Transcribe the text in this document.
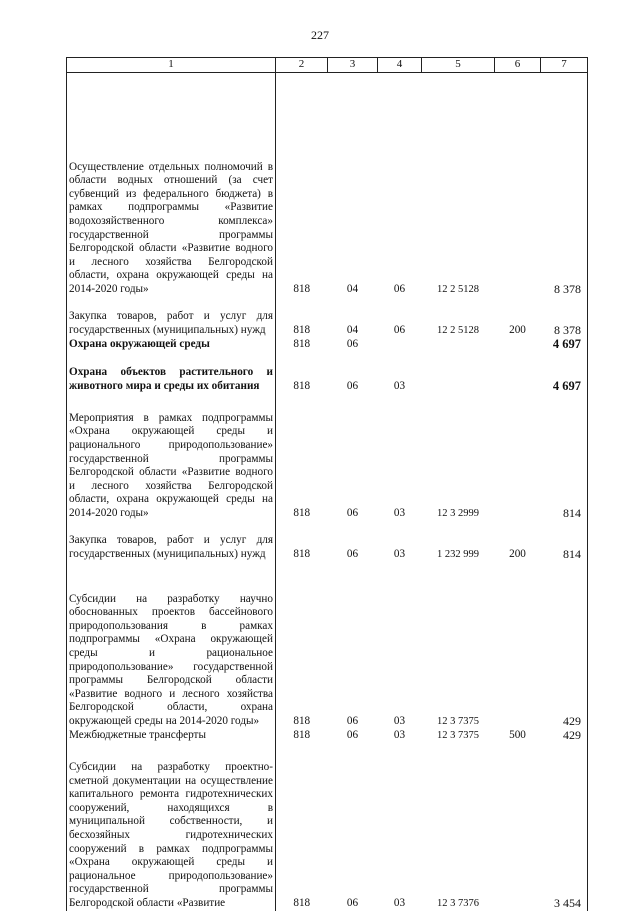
227
1	2	3	4	5	6	7
Осуществление отдельных полномочий в области водных отношений (за счет субвенций из федерального бюджета) в рамках подпрограммы «Развитие водохозяйственного комплекса» государственной программы Белгородской области «Развитие водного и лесного хозяйства Белгородской области, охрана окружающей среды на 2014-2020 годы»	818	04	06	12 2 5128		8 378
Закупка товаров, работ и услуг для государственных (муниципальных) нужд	818	04	06	12 2 5128	200	8 378
Охрана окружающей среды	818	06				4 697
Охрана объектов растительного и животного мира и среды их обитания	818	06	03			4 697
Мероприятия в рамках подпрограммы «Охрана окружающей среды и рационального природопользование» государственной программы Белгородской области «Развитие водного и лесного хозяйства Белгородской области, охрана окружающей среды на 2014-2020 годы»	818	06	03	12 3 2999		814
Закупка товаров, работ и услуг для государственных (муниципальных) нужд	818	06	03	1 232 999	200	814
Субсидии на разработку научно обоснованных проектов бассейнового природопользования в рамках подпрограммы «Охрана окружающей среды и рациональное природопользование» государственной программы Белгородской области «Развитие водного и лесного хозяйства Белгородской области, охрана окружающей среды на 2014-2020 годы»	818	06	03	12 3 7375		429
Межбюджетные трансферты	818	06	03	12 3 7375	500	429
Субсидии на разработку проектно-сметной документации на осуществление капитального ремонта гидротехнических сооружений, находящихся в муниципальной собственности, и бесхозяйных гидротехнических сооружений в рамках подпрограммы «Охрана окружающей среды и рациональное природопользование» государственной программы Белгородской области «Развитие	818	06	03	12 3 7376		3 454
